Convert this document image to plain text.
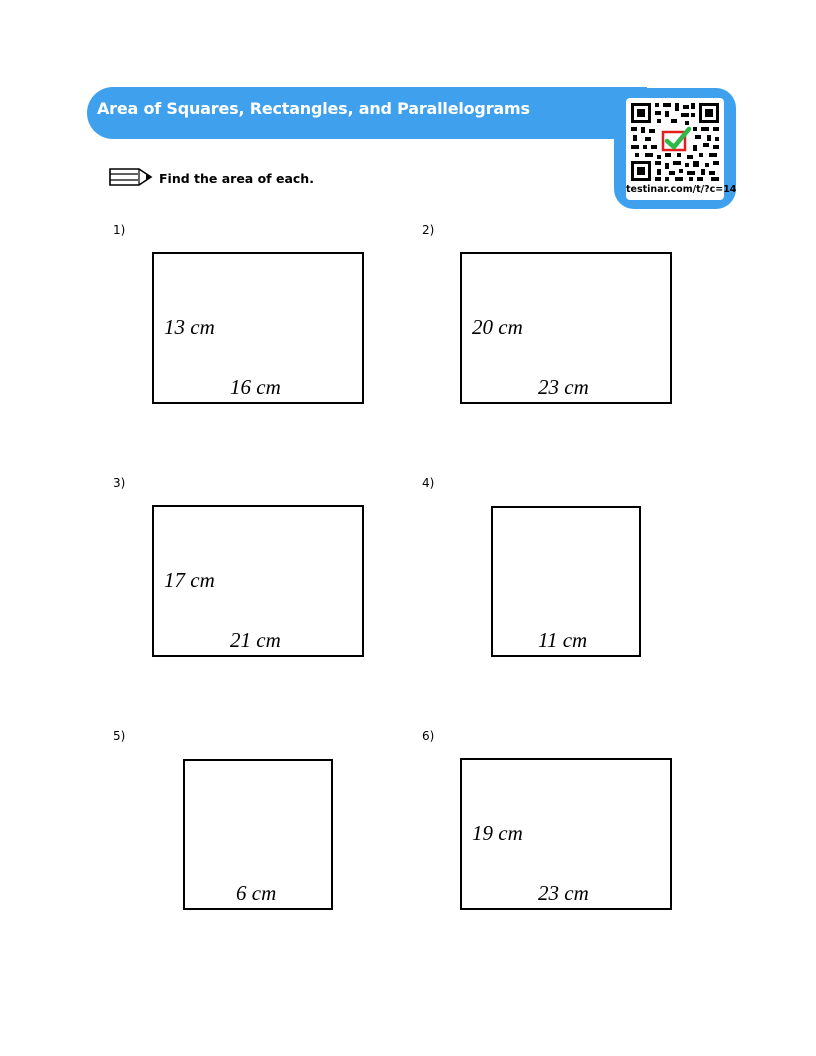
Area of Squares, Rectangles, and Parallelograms
testinar.com/t/?c=14
Find the area of each.
1)
13 cm
16 cm
2)
20 cm
23 cm
3)
17 cm
21 cm
4)
11 cm
5)
6 cm
6)
19 cm
23 cm
